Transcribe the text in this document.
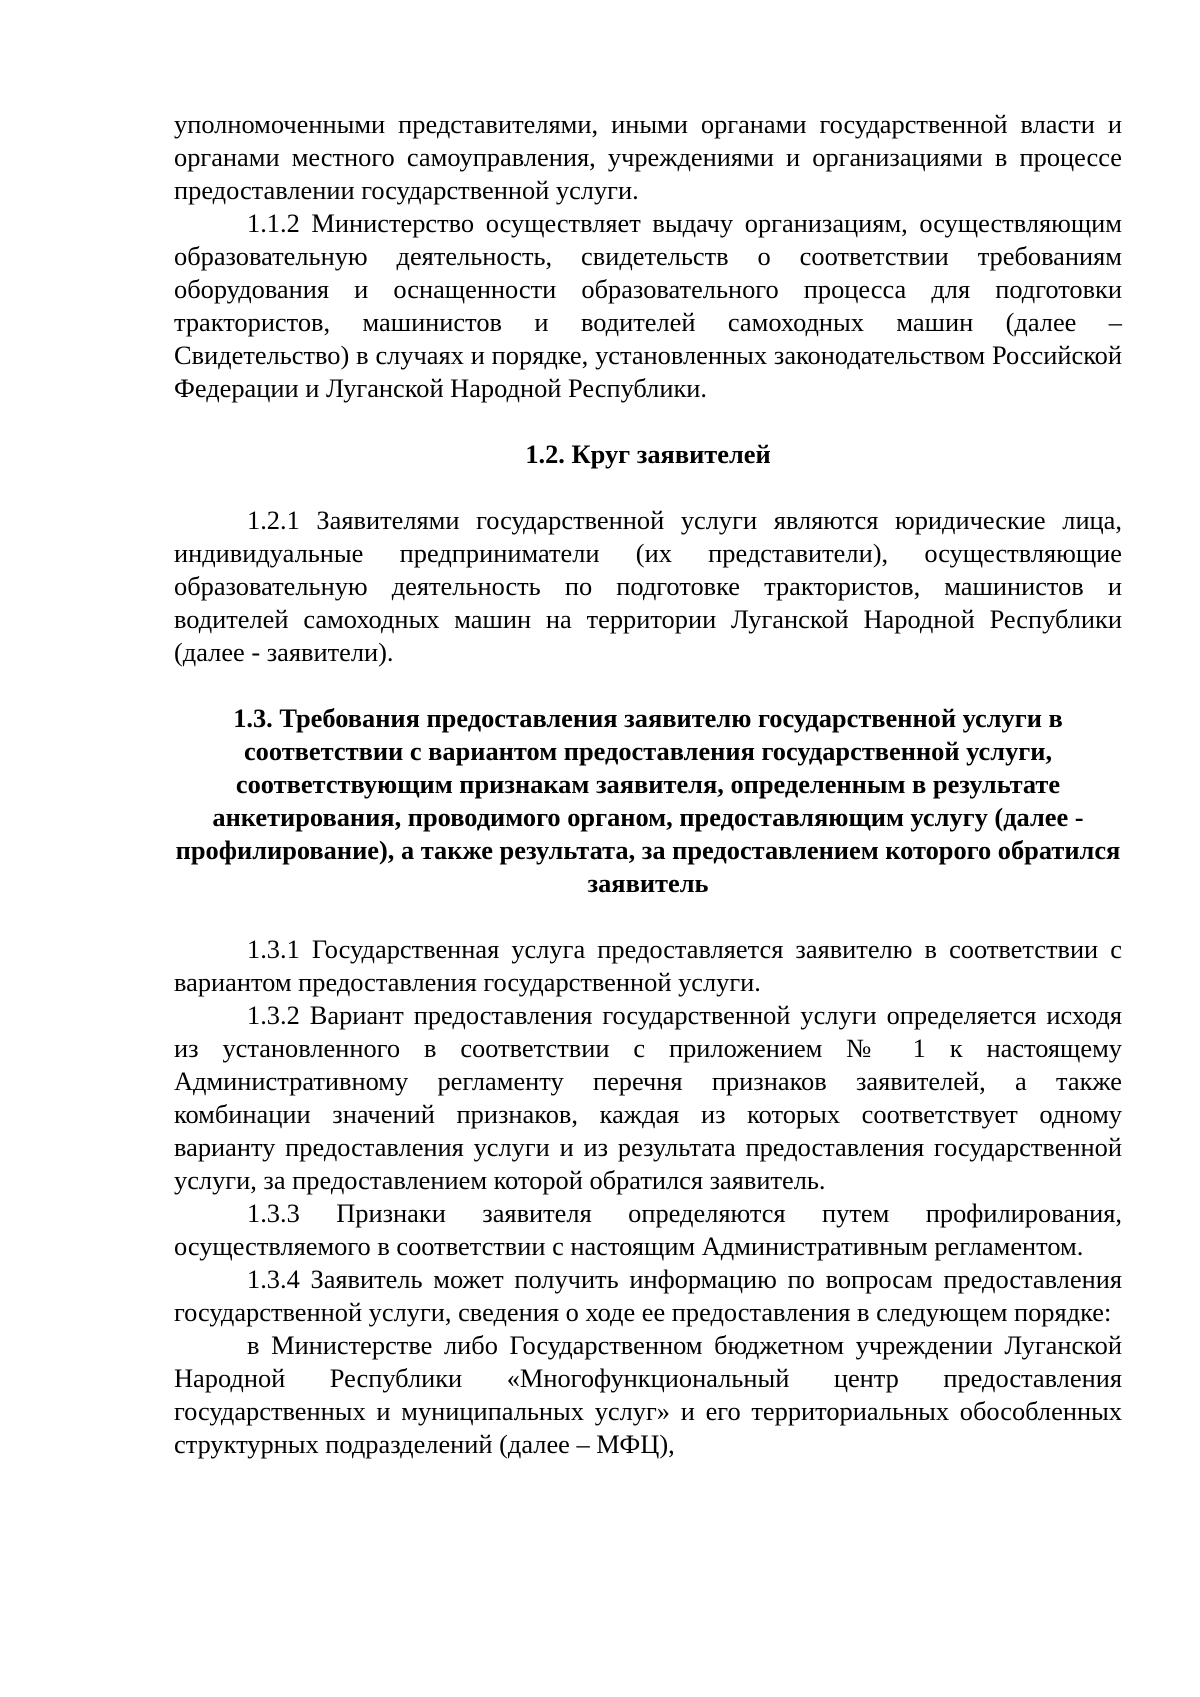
уполномоченными представителями, иными органами государственной власти и органами местного самоуправления, учреждениями и организациями в процессе предоставлении государственной услуги.

1.1.2 Министерство осуществляет выдачу организациям, осуществляющим образовательную деятельность, свидетельств о соответствии требованиям оборудования и оснащенности образовательного процесса для подготовки трактористов, машинистов и водителей самоходных машин (далее – Свидетельство) в случаях и порядке, установленных законодательством Российской Федерации и Луганской Народной Республики.

1.2. Круг заявителей

1.2.1 Заявителями государственной услуги являются юридические лица, индивидуальные предприниматели (их представители), осуществляющие образовательную деятельность по подготовке трактористов, машинистов и водителей самоходных машин на территории Луганской Народной Республики (далее - заявители).

1.3. Требования предоставления заявителю государственной услуги в соответствии с вариантом предоставления государственной услуги, соответствующим признакам заявителя, определенным в результате анкетирования, проводимого органом, предоставляющим услугу (далее - профилирование), а также результата, за предоставлением которого обратился заявитель

1.3.1 Государственная услуга предоставляется заявителю в соответствии с вариантом предоставления государственной услуги.

1.3.2 Вариант предоставления государственной услуги определяется исходя из установленного в соответствии с приложением № 1 к настоящему Административному регламенту перечня признаков заявителей, а также комбинации значений признаков, каждая из которых соответствует одному варианту предоставления услуги и из результата предоставления государственной услуги, за предоставлением которой обратился заявитель.

1.3.3 Признаки заявителя определяются путем профилирования, осуществляемого в соответствии с настоящим Административным регламентом.

1.3.4 Заявитель может получить информацию по вопросам предоставления государственной услуги, сведения о ходе ее предоставления в следующем порядке:

в Министерстве либо Государственном бюджетном учреждении Луганской Народной Республики «Многофункциональный центр предоставления государственных и муниципальных услуг» и его территориальных обособленных структурных подразделений (далее – МФЦ),
